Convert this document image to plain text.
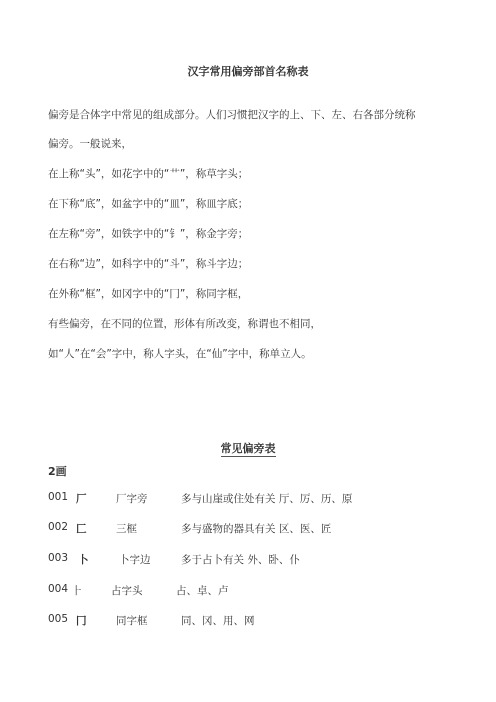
汉字常用偏旁部首名称表
偏旁是合体字中常见的组成部分。人们习惯把汉字的上、下、左、右各部分统称
偏旁。一般说来，
在上称“头”，如花字中的“艹”，称草字头；
在下称“底”，如盆字中的“皿”，称皿字底；
在左称“旁”，如铁字中的“钅”，称金字旁；
在右称“边”，如科字中的“斗”，称斗字边；
在外称“框”，如冈字中的“冂”，称同字框，
有些偏旁，在不同的位置，形体有所改变，称谓也不相同，
如“人”在“会”字中，称人字头，在“仙”字中，称单立人。
常见偏旁表
2画
001 厂	厂字旁	多与山崖或住处有关 厅、厉、历、原
002 匚	三框	多与盛物的器具有关 区、医、匠
003 卜	卜字边	多于占卜有关 外、卧、仆
004 ⺊	占字头	占、卓、卢
005 冂	同字框	同、冈、用、网
